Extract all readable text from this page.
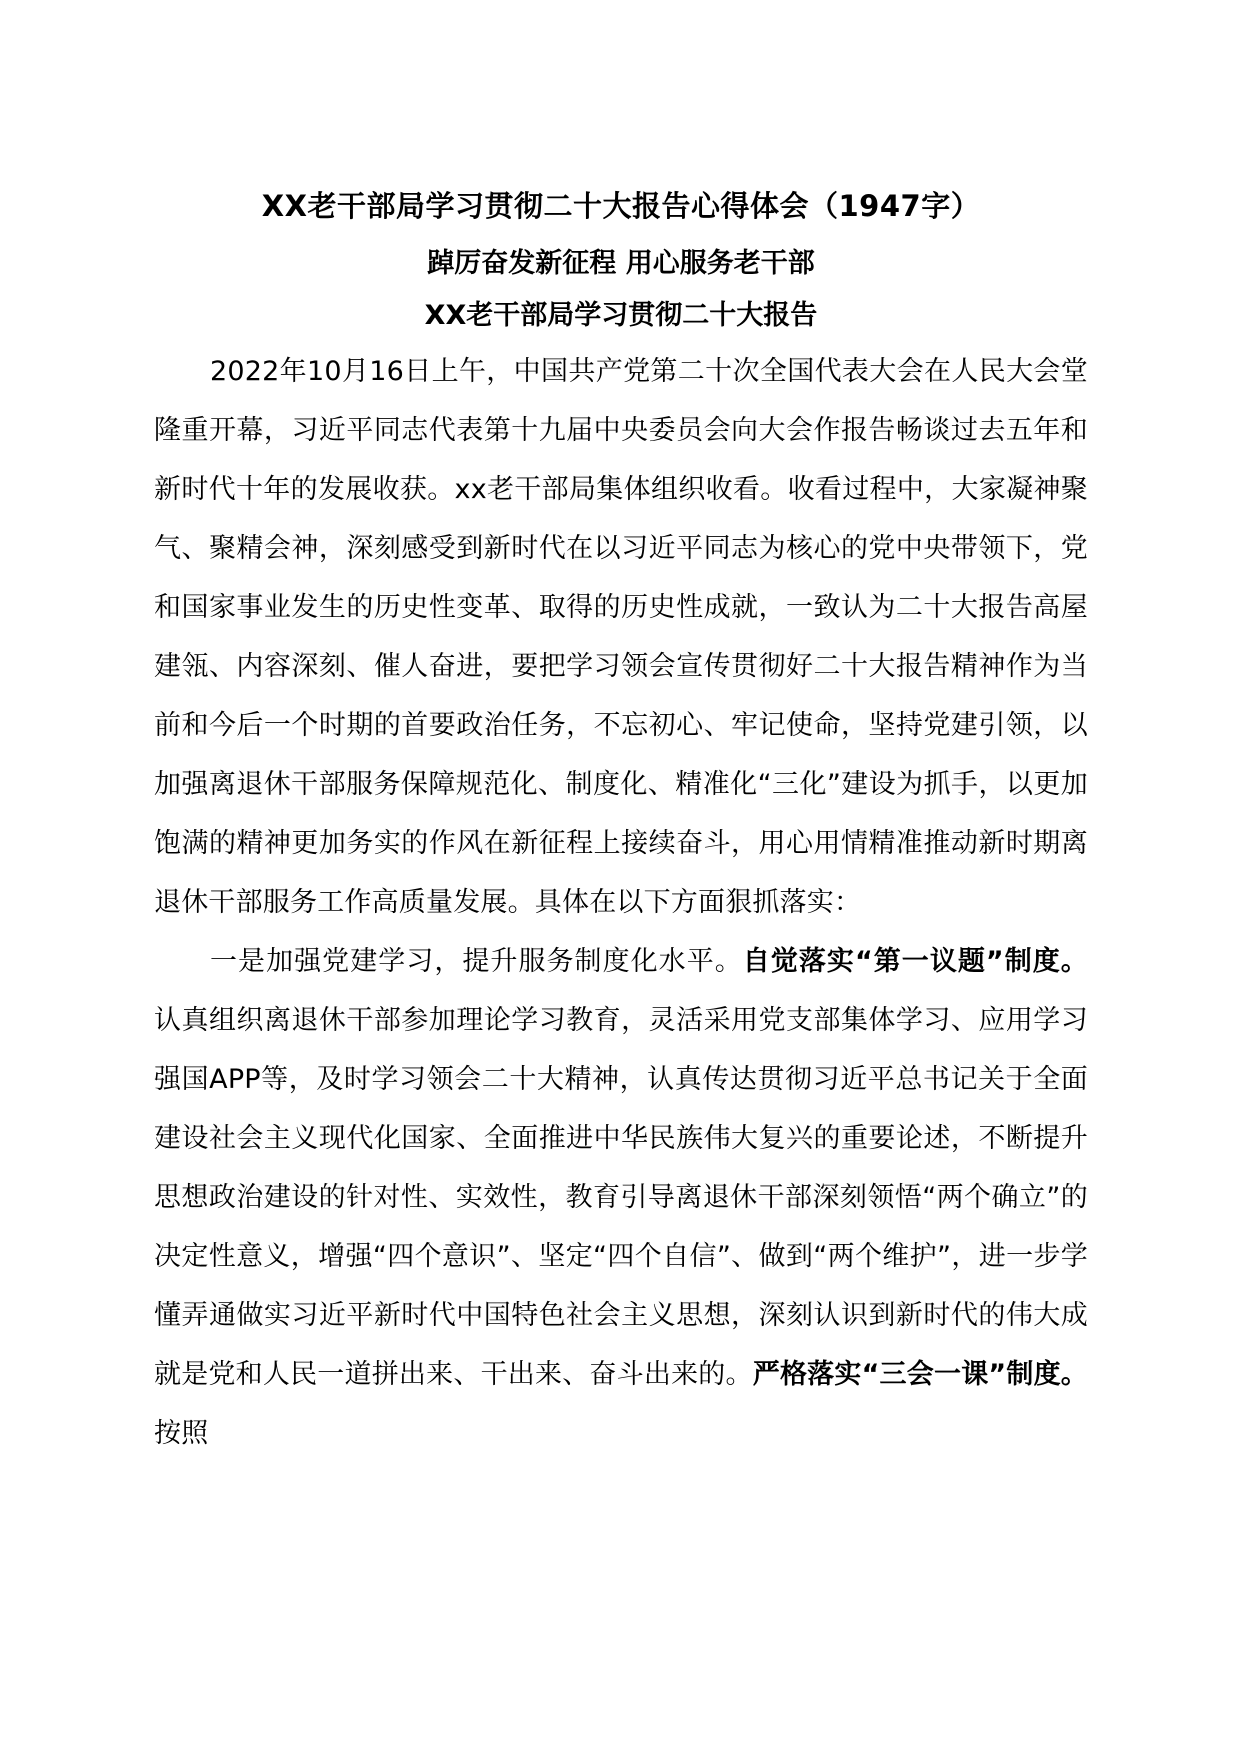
XX老干部局学习贯彻二十大报告心得体会（1947字）
踔厉奋发新征程 用心服务老干部
XX老干部局学习贯彻二十大报告

2022年10月16日上午，中国共产党第二十次全国代表大会在人民大会堂隆重开幕，习近平同志代表第十九届中央委员会向大会作报告畅谈过去五年和新时代十年的发展收获。xx老干部局集体组织收看。收看过程中，大家凝神聚气、聚精会神，深刻感受到新时代在以习近平同志为核心的党中央带领下，党和国家事业发生的历史性变革、取得的历史性成就，一致认为二十大报告高屋建瓴、内容深刻、催人奋进，要把学习领会宣传贯彻好二十大报告精神作为当前和今后一个时期的首要政治任务，不忘初心、牢记使命，坚持党建引领，以加强离退休干部服务保障规范化、制度化、精准化“三化”建设为抓手，以更加饱满的精神更加务实的作风在新征程上接续奋斗，用心用情精准推动新时期离退休干部服务工作高质量发展。具体在以下方面狠抓落实：

一是加强党建学习，提升服务制度化水平。自觉落实“第一议题”制度。认真组织离退休干部参加理论学习教育，灵活采用党支部集体学习、应用学习强国APP等，及时学习领会二十大精神，认真传达贯彻习近平总书记关于全面建设社会主义现代化国家、全面推进中华民族伟大复兴的重要论述，不断提升思想政治建设的针对性、实效性，教育引导离退休干部深刻领悟“两个确立”的决定性意义，增强“四个意识”、坚定“四个自信”、做到“两个维护”，进一步学懂弄通做实习近平新时代中国特色社会主义思想，深刻认识到新时代的伟大成就是党和人民一道拼出来、干出来、奋斗出来的。严格落实“三会一课”制度。按照
